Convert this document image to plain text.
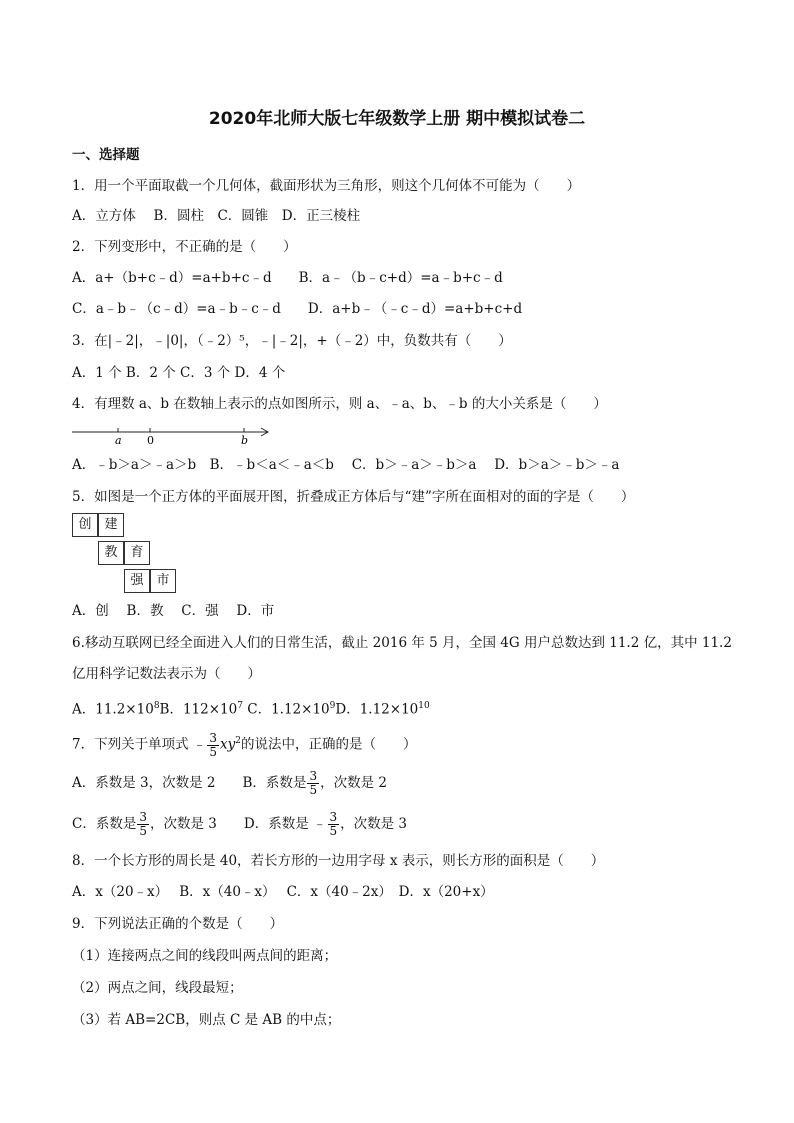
2020年北师大版七年级数学上册 期中模拟试卷二
一、选择题
1．用一个平面取截一个几何体，截面形状为三角形，则这个几何体不可能为（　　）
A．立方体　 B．圆柱　C．圆锥　D．正三棱柱
2．下列变形中，不正确的是（　　）
A．a+（b+c﹣d）=a+b+c﹣d　　B．a﹣（b﹣c+d）=a﹣b+c﹣d
C．a﹣b﹣（c﹣d）=a﹣b﹣c﹣d　　D．a+b﹣（﹣c﹣d）=a+b+c+d
3．在|﹣2|，﹣|0|，（﹣2）⁵，﹣|﹣2|，+（﹣2）中，负数共有（　　）
A．1 个 B．2 个 C．3 个 D．4 个
4．有理数 a、b 在数轴上表示的点如图所示，则 a、﹣a、b、﹣b 的大小关系是（　　）
a 0	b
A．﹣b＞a＞﹣a＞b　B．﹣b＜a＜﹣a＜b　 C．b＞﹣a＞﹣b＞a　 D．b＞a＞﹣b＞﹣a
5．如图是一个正方体的平面展开图，折叠成正方体后与“建”字所在面相对的面的字是（　　）
创 建
教 育
强 市
A．创　 B．教　 C．强　 D．市
6.移动互联网已经全面进入人们的日常生活，截止 2016 年 5 月，全国 4G 用户总数达到 11.2 亿，其中 11.2
亿用科学记数法表示为（　　）
A．$11.2\times 10^8B$．$112\times 10^7$ C．$1.12\times 10^9D$．$1.12\times 10^{10}$
7．下列关于单项式 ﹣ $\frac{3}{5} xy^2$的说法中，正确的是（　　）
A．系数是 3，次数是 2　　B．系数是 $\frac{3}{5}$ ，次数是 2
C．系数是 $\frac{3}{5}$ ，次数是 3　　D．系数是 ﹣ $\frac{3}{5}$ ，次数是 3
8．一个长方形的周长是 40，若长方形的一边用字母 x 表示，则长方形的面积是（　　）
A．x（20﹣x）　 B．x（40﹣x）　 C．x（40﹣2x）　D．x（20+x）
9．下列说法正确的个数是（　　）
（1）连接两点之间的线段叫两点间的距离；
（2）两点之间，线段最短；
（3）若 AB=2CB，则点 C 是 AB 的中点；
